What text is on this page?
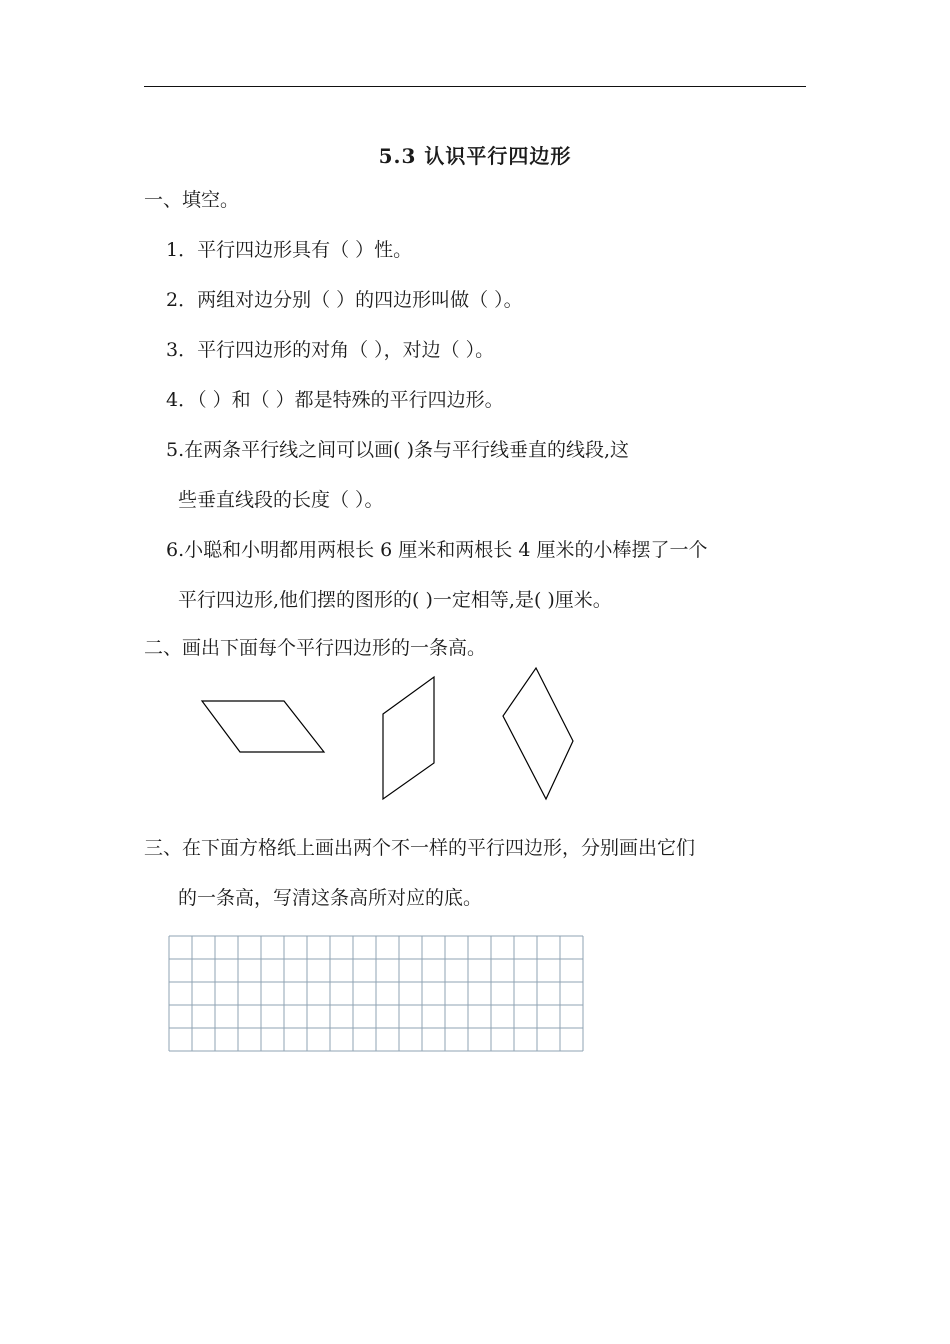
5.3 认识平行四边形
一、填空。
1．平行四边形具有（ ）性。
2．两组对边分别（ ）的四边形叫做（ ）。
3．平行四边形的对角（ ），对边（ ）。
4．（ ）和（ ）都是特殊的平行四边形。
5.在两条平行线之间可以画( )条与平行线垂直的线段,这
些垂直线段的长度（ ）。
6.小聪和小明都用两根长 6 厘米和两根长 4 厘米的小棒摆了一个
平行四边形,他们摆的图形的( )一定相等,是( )厘米。
二、画出下面每个平行四边形的一条高。
三、在下面方格纸上画出两个不一样的平行四边形，分别画出它们
的一条高，写清这条高所对应的底。
